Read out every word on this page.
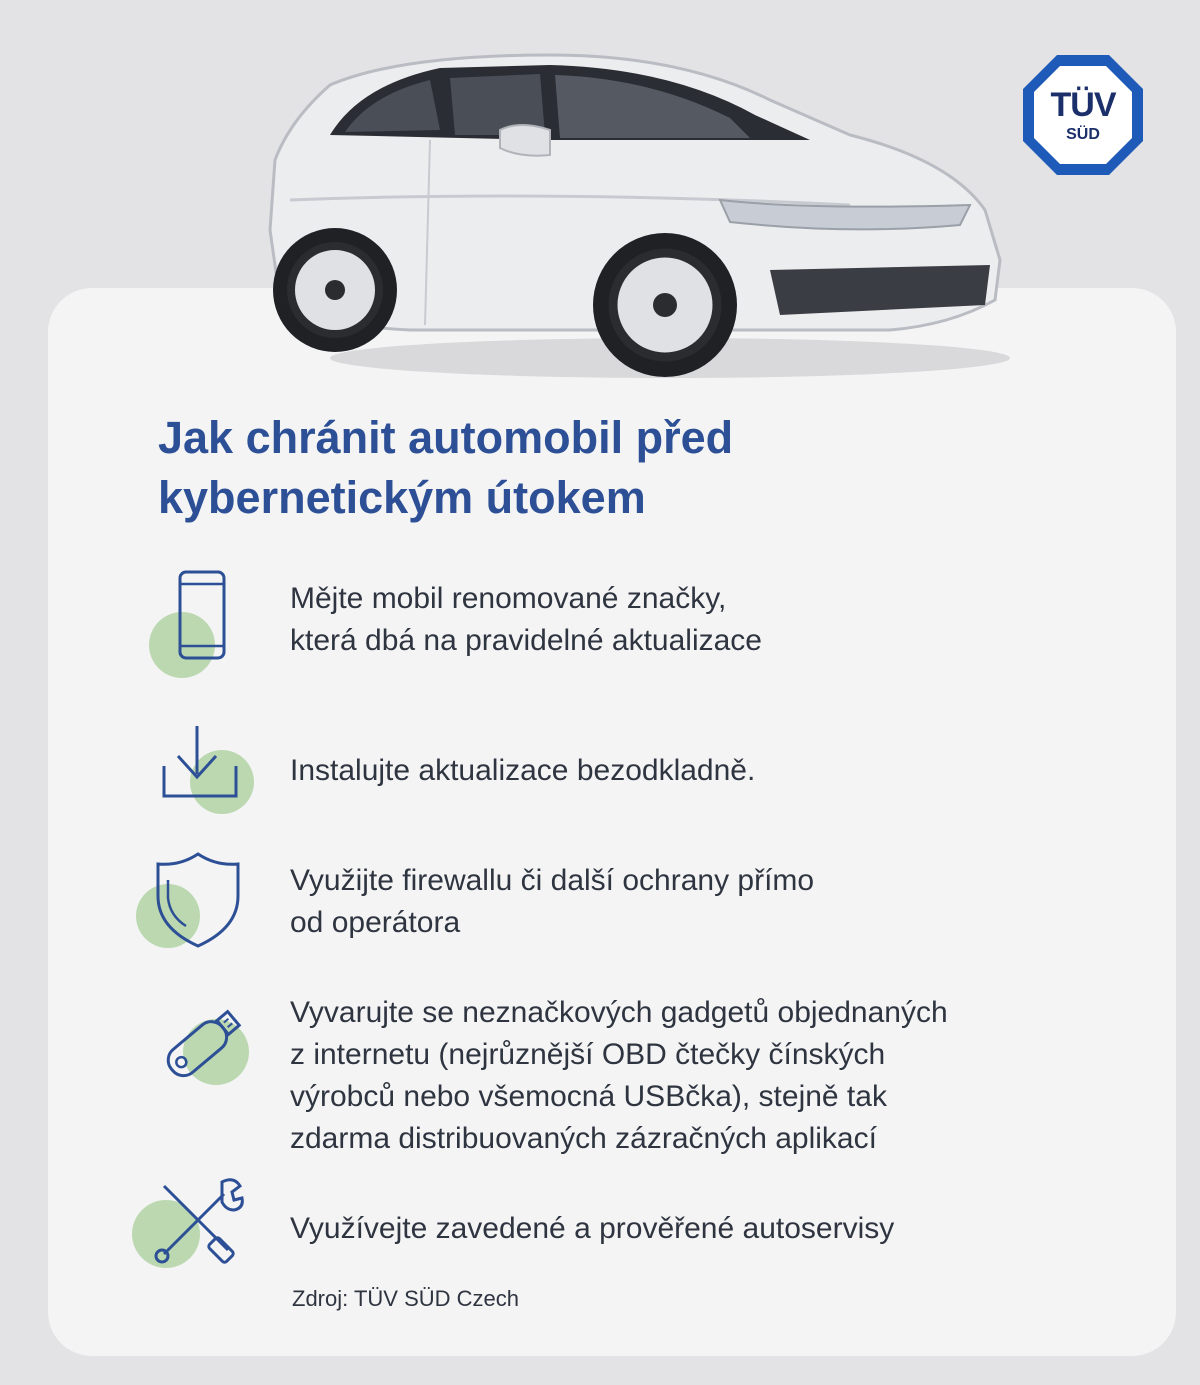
TÜV
SÜD
Jak chránit automobil před
kybernetickým útokem
Mějte mobil renomované značky,
která dbá na pravidelné aktualizace
Instalujte aktualizace bezodkladně.
Využijte firewallu či další ochrany přímo
od operátora
Vyvarujte se neznačkových gadgetů objednaných
z internetu (nejrůznější OBD čtečky čínských
výrobců nebo všemocná USBčka), stejně tak
zdarma distribuovaných zázračných aplikací
Využívejte zavedené a prověřené autoservisy
Zdroj: TÜV SÜD Czech
